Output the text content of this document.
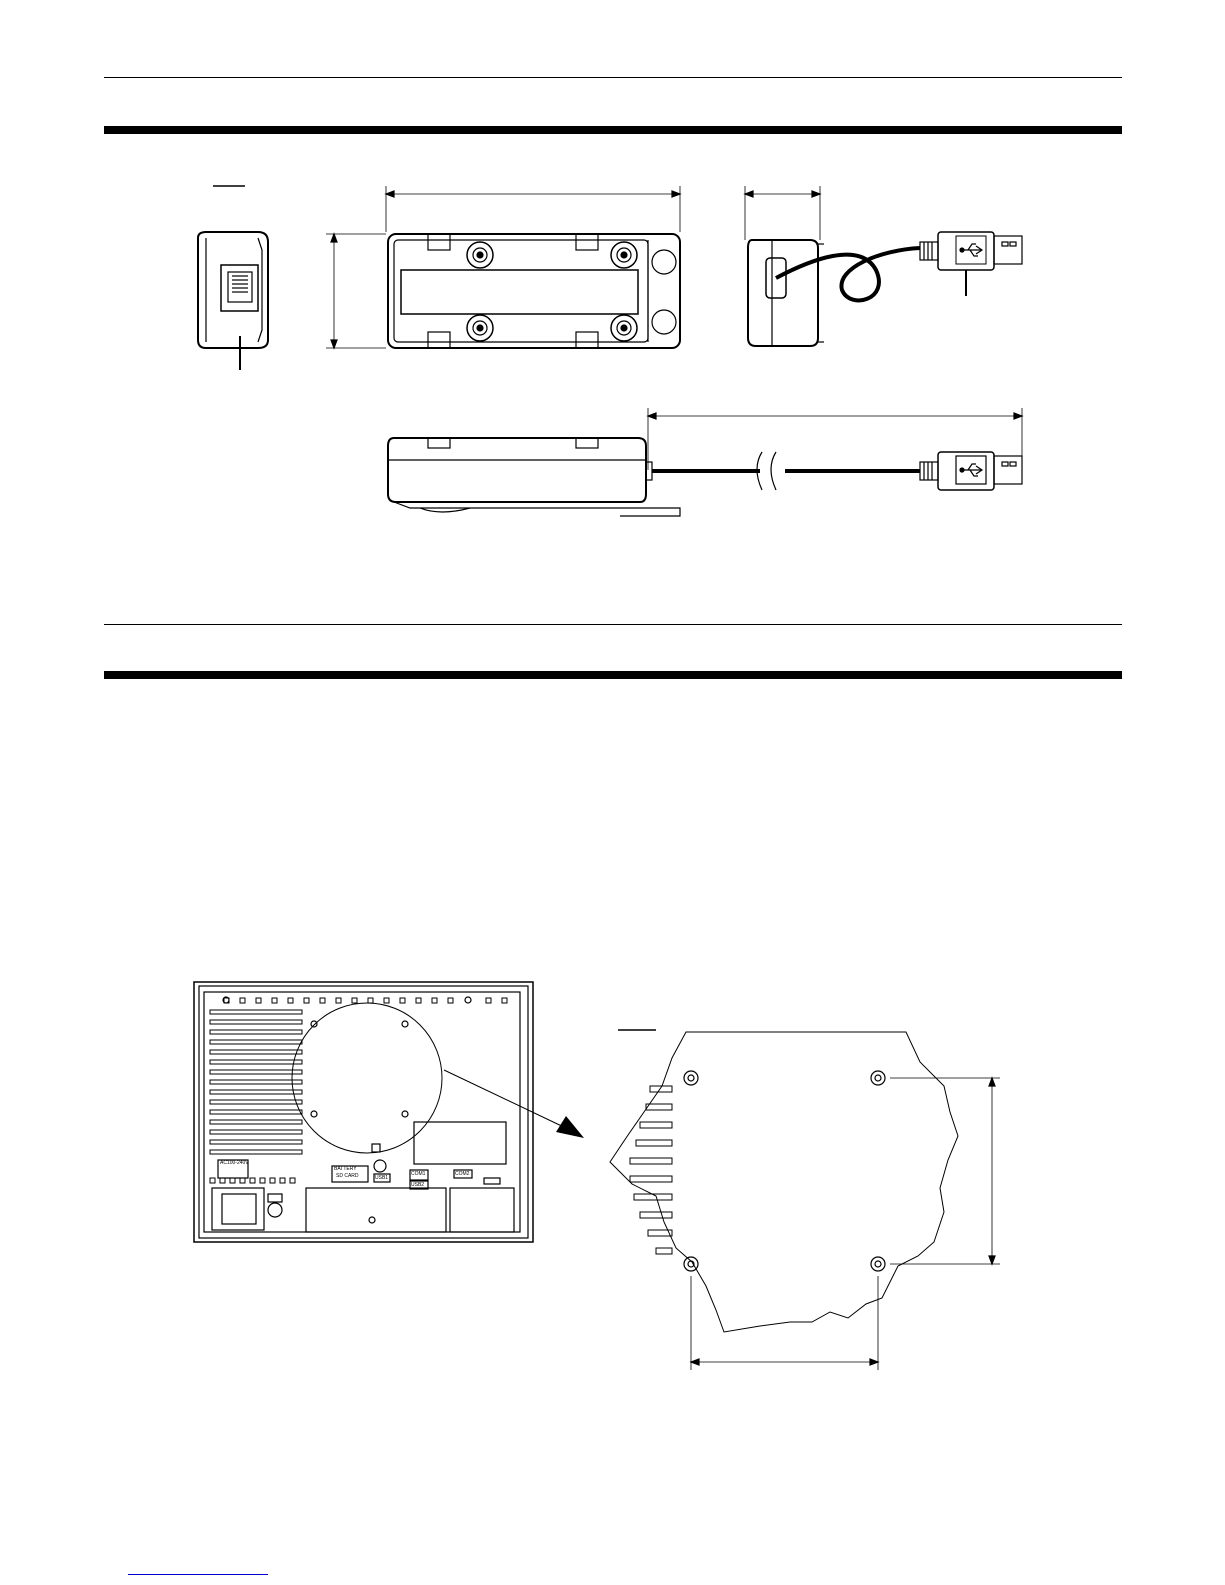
AC100-240V
BATTERY
SD CARD	USB1
COM1
USB2
COM2
